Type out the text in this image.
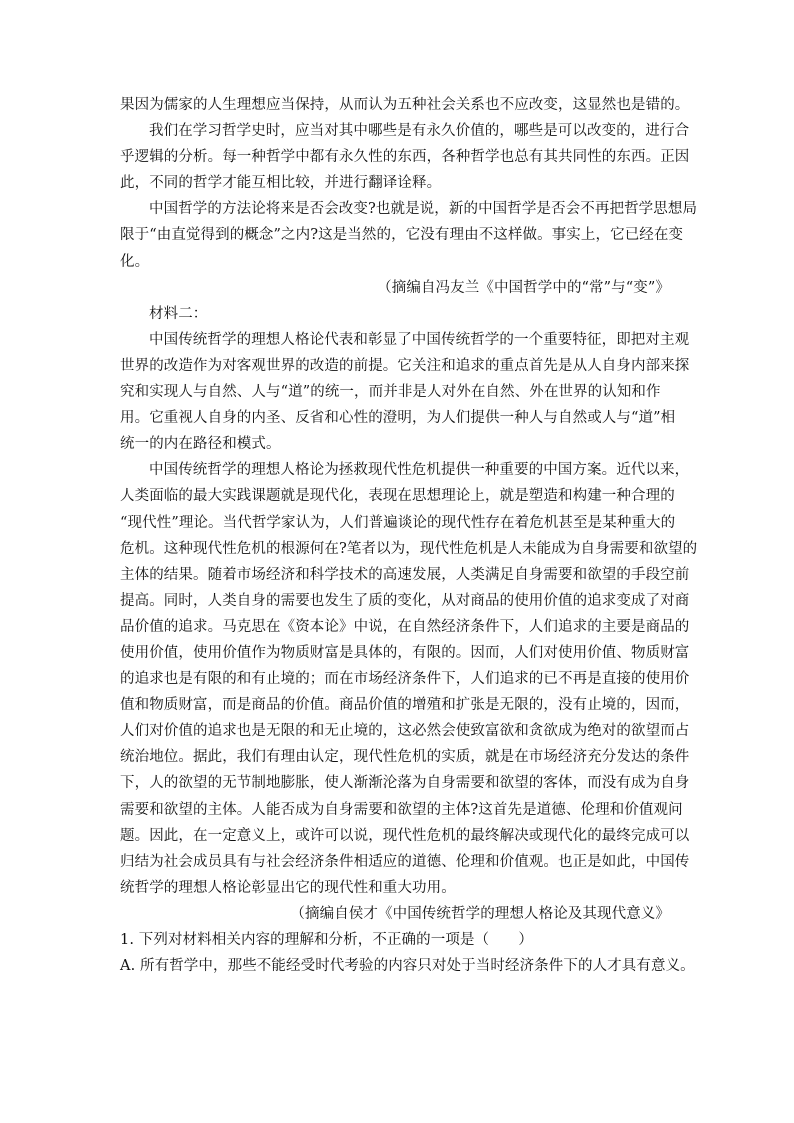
果因为儒家的人生理想应当保持，从而认为五种社会关系也不应改变，这显然也是错的。
我们在学习哲学史时，应当对其中哪些是有永久价值的，哪些是可以改变的，进行合
乎逻辑的分析。每一种哲学中都有永久性的东西，各种哲学也总有其共同性的东西。正因
此，不同的哲学才能互相比较，并进行翻译诠释。
中国哲学的方法论将来是否会改变?也就是说，新的中国哲学是否会不再把哲学思想局
限于“由直觉得到的概念”之内?这是当然的，它没有理由不这样做。事实上，它已经在变
化。
（摘编自冯友兰《中国哲学中的“常”与“变”》
材料二：
中国传统哲学的理想人格论代表和彰显了中国传统哲学的一个重要特征，即把对主观
世界的改造作为对客观世界的改造的前提。它关注和追求的重点首先是从人自身内部来探
究和实现人与自然、人与“道”的统一，而并非是人对外在自然、外在世界的认知和作
用。它重视人自身的内圣、反省和心性的澄明，为人们提供一种人与自然或人与“道”相
统一的内在路径和模式。
中国传统哲学的理想人格论为拯救现代性危机提供一种重要的中国方案。近代以来，
人类面临的最大实践课题就是现代化，表现在思想理论上，就是塑造和构建一种合理的
“现代性”理论。当代哲学家认为，人们普遍谈论的现代性存在着危机甚至是某种重大的
危机。这种现代性危机的根源何在?笔者以为，现代性危机是人未能成为自身需要和欲望的
主体的结果。随着市场经济和科学技术的高速发展，人类满足自身需要和欲望的手段空前
提高。同时，人类自身的需要也发生了质的变化，从对商品的使用价值的追求变成了对商
品价值的追求。马克思在《资本论》中说，在自然经济条件下，人们追求的主要是商品的
使用价值，使用价值作为物质财富是具体的，有限的。因而，人们对使用价值、物质财富
的追求也是有限的和有止境的；而在市场经济条件下，人们追求的已不再是直接的使用价
值和物质财富，而是商品的价值。商品价值的增殖和扩张是无限的，没有止境的，因而，
人们对价值的追求也是无限的和无止境的，这必然会使致富欲和贪欲成为绝对的欲望而占
统治地位。据此，我们有理由认定，现代性危机的实质，就是在市场经济充分发达的条件
下，人的欲望的无节制地膨胀，使人渐渐沦落为自身需要和欲望的客体，而没有成为自身
需要和欲望的主体。人能否成为自身需要和欲望的主体?这首先是道德、伦理和价值观问
题。因此，在一定意义上，或许可以说，现代性危机的最终解决或现代化的最终完成可以
归结为社会成员具有与社会经济条件相适应的道德、伦理和价值观。也正是如此，中国传
统哲学的理想人格论彰显出它的现代性和重大功用。
（摘编自侯才《中国传统哲学的理想人格论及其现代意义》
1. 下列对材料相关内容的理解和分析，不正确的一项是（　　）
A. 所有哲学中，那些不能经受时代考验的内容只对处于当时经济条件下的人才具有意义。
